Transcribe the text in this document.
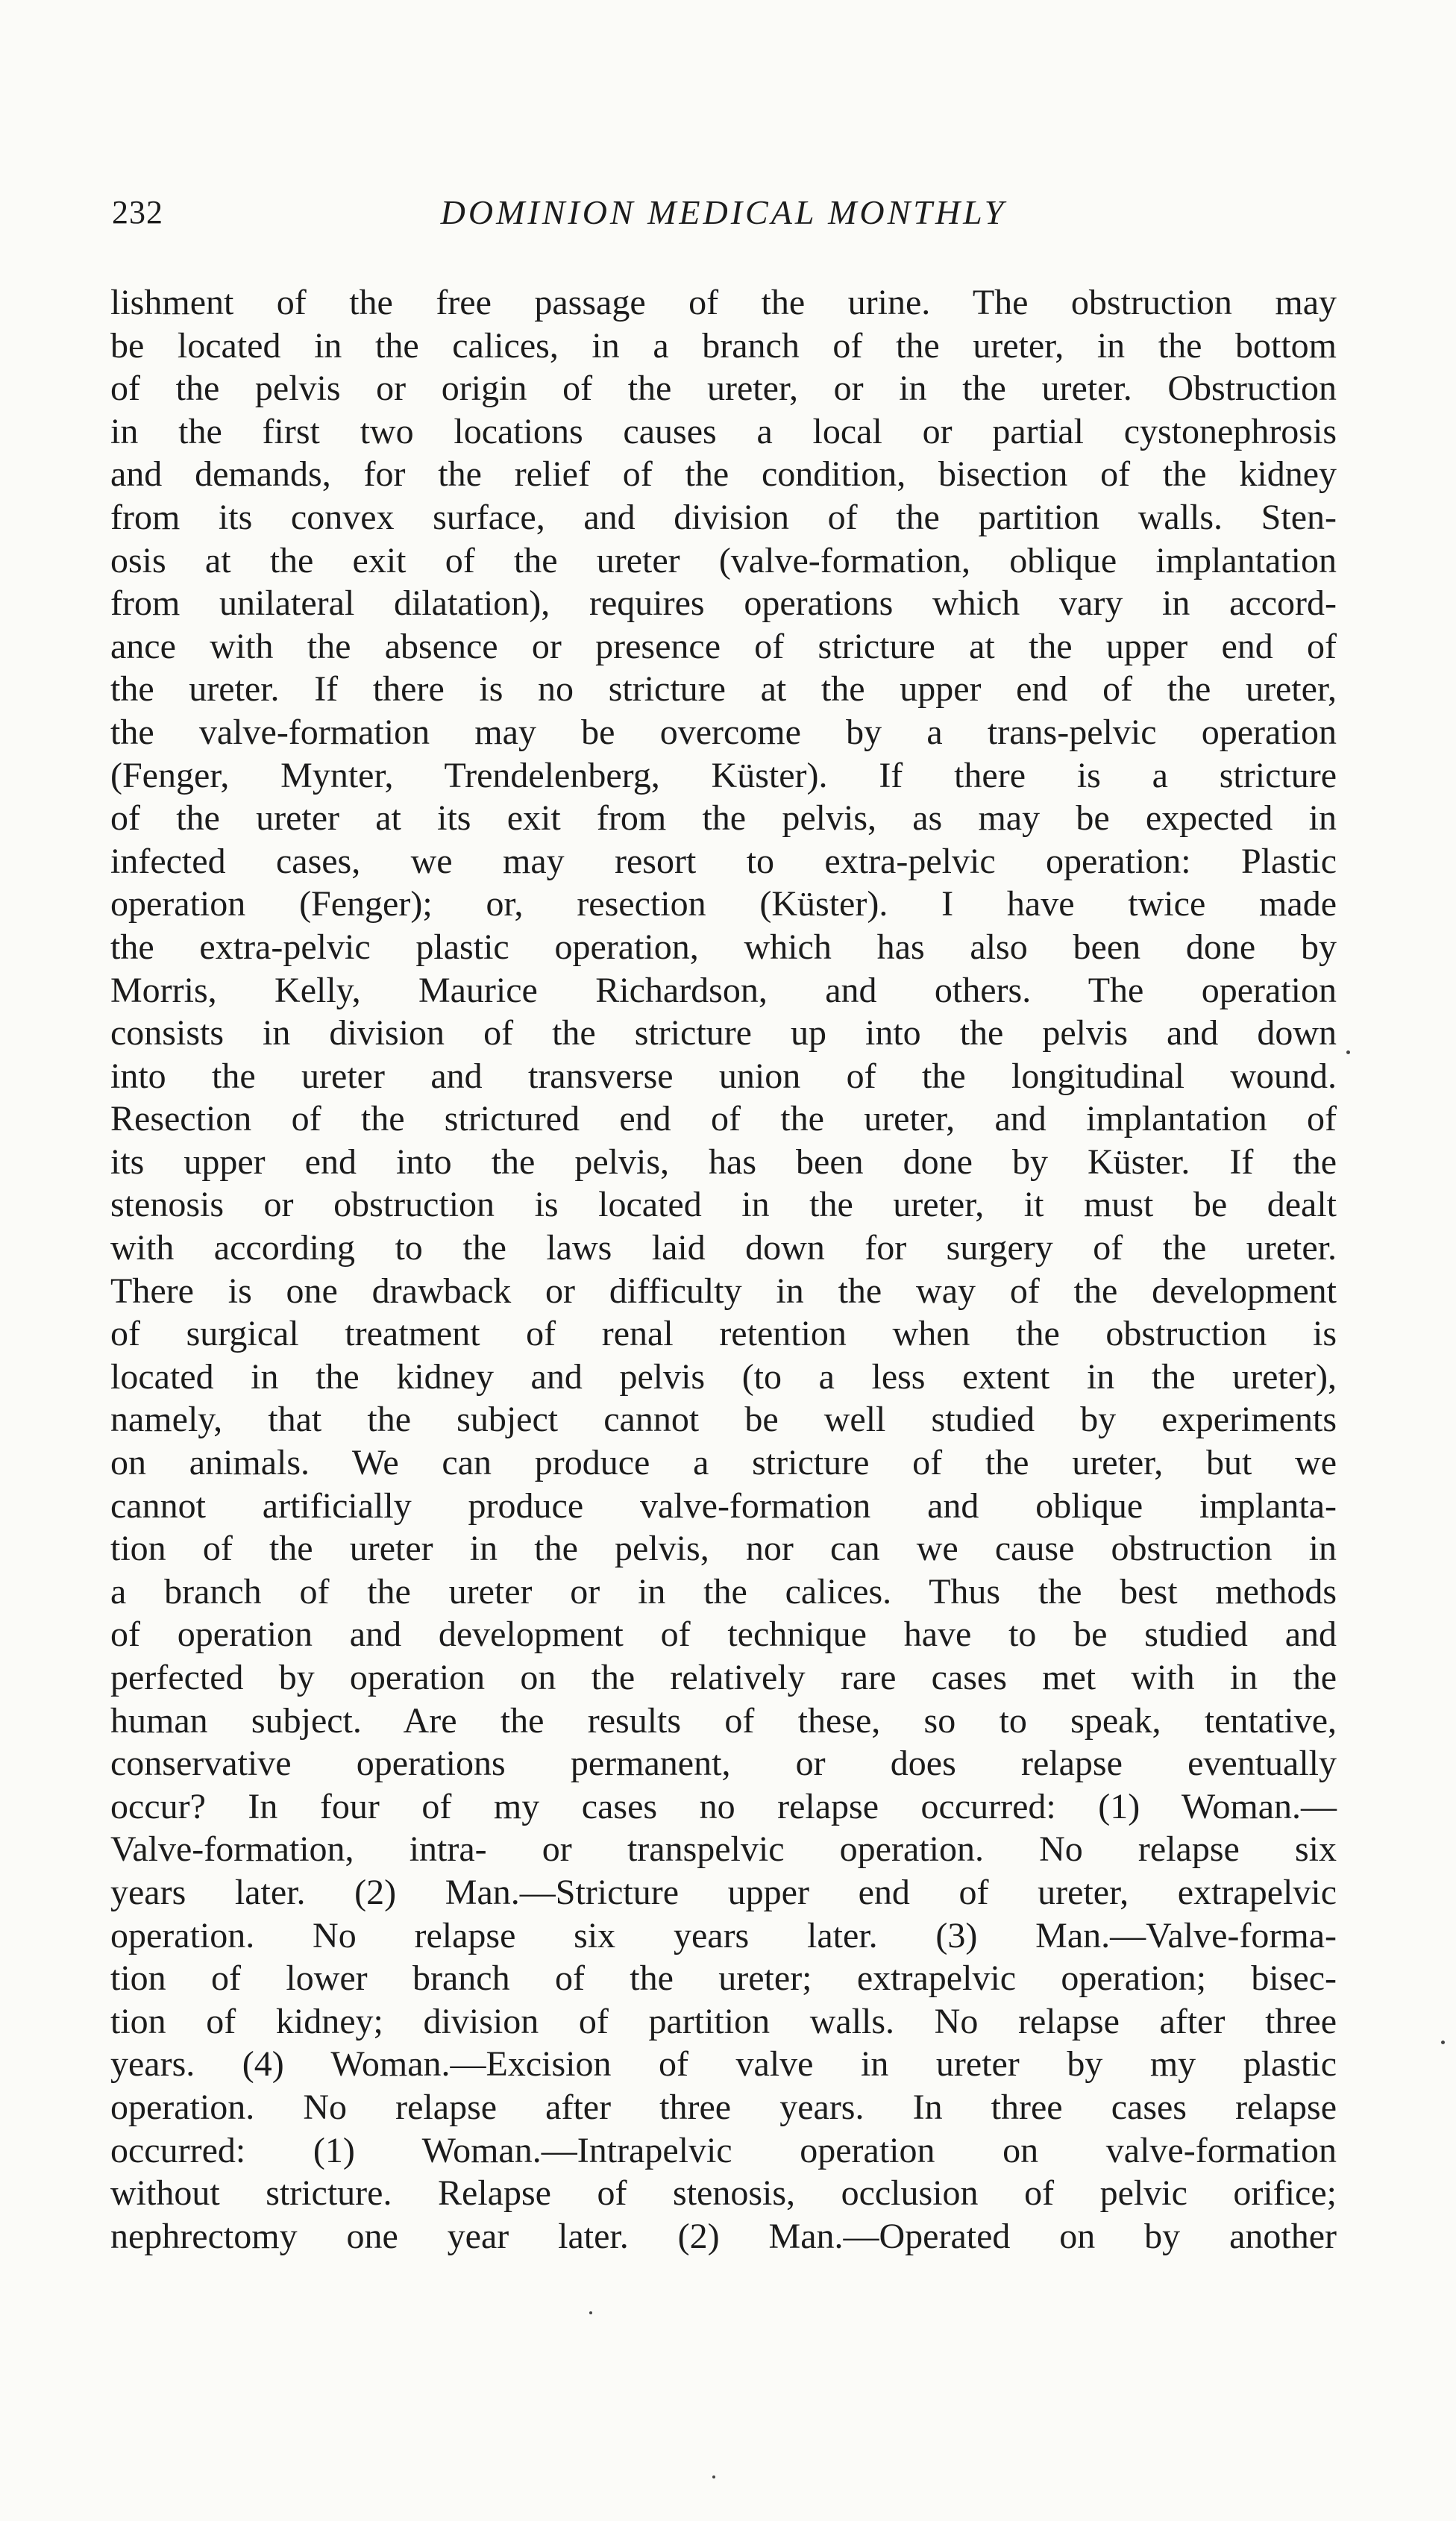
232	DOMINION MEDICAL MONTHLY
lishment of the free passage of the urine. The obstruction may
be located in the calices, in a branch of the ureter, in the bottom
of the pelvis or origin of the ureter, or in the ureter. Obstruction
in the first two locations causes a local or partial cystonephrosis
and demands, for the relief of the condition, bisection of the kidney
from its convex surface, and division of the partition walls. Sten-
osis at the exit of the ureter (valve-formation, oblique implantation
from unilateral dilatation), requires operations which vary in accord-
ance with the absence or presence of stricture at the upper end of
the ureter. If there is no stricture at the upper end of the ureter,
the valve-formation may be overcome by a trans-pelvic operation
(Fenger, Mynter, Trendelenberg, Küster). If there is a stricture
of the ureter at its exit from the pelvis, as may be expected in
infected cases, we may resort to extra-pelvic operation: Plastic
operation (Fenger); or, resection (Küster). I have twice made
the extra-pelvic plastic operation, which has also been done by
Morris, Kelly, Maurice Richardson, and others. The operation
consists in division of the stricture up into the pelvis and down
into the ureter and transverse union of the longitudinal wound.
Resection of the strictured end of the ureter, and implantation of
its upper end into the pelvis, has been done by Küster. If the
stenosis or obstruction is located in the ureter, it must be dealt
with according to the laws laid down for surgery of the ureter.
There is one drawback or difficulty in the way of the development
of surgical treatment of renal retention when the obstruction is
located in the kidney and pelvis (to a less extent in the ureter),
namely, that the subject cannot be well studied by experiments
on animals. We can produce a stricture of the ureter, but we
cannot artificially produce valve-formation and oblique implanta-
tion of the ureter in the pelvis, nor can we cause obstruction in
a branch of the ureter or in the calices. Thus the best methods
of operation and development of technique have to be studied and
perfected by operation on the relatively rare cases met with in the
human subject. Are the results of these, so to speak, tentative,
conservative operations permanent, or does relapse eventually
occur? In four of my cases no relapse occurred: (1) Woman.—
Valve-formation, intra- or transpelvic operation. No relapse six
years later. (2) Man.—Stricture upper end of ureter, extrapelvic
operation. No relapse six years later. (3) Man.—Valve-forma-
tion of lower branch of the ureter; extrapelvic operation; bisec-
tion of kidney; division of partition walls. No relapse after three
years. (4) Woman.—Excision of valve in ureter by my plastic
operation. No relapse after three years. In three cases relapse
occurred: (1) Woman.—Intrapelvic operation on valve-formation
without stricture. Relapse of stenosis, occlusion of pelvic orifice;
nephrectomy one year later. (2) Man.—Operated on by another
